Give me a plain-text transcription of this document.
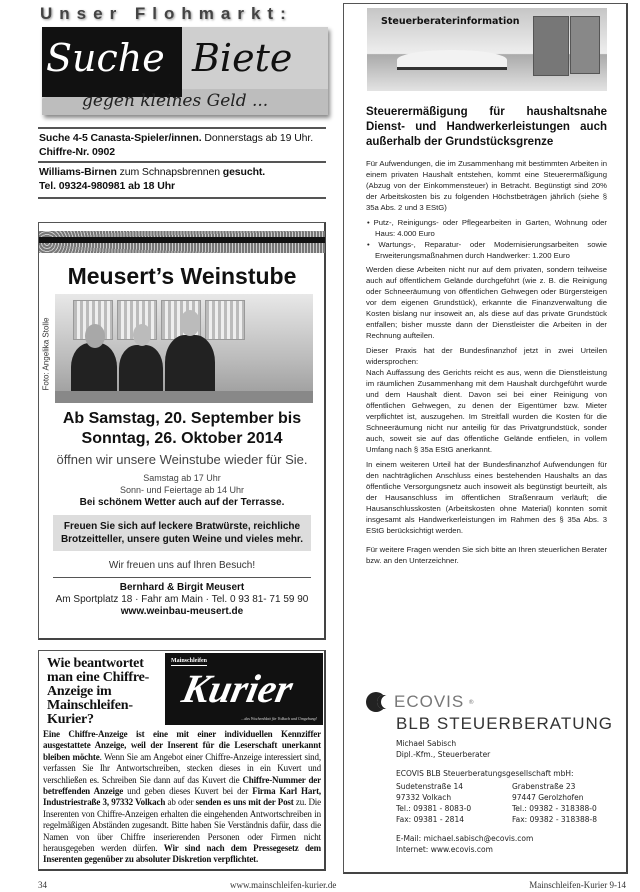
Unser Flohmarkt:
Suche Biete
gegen kleines Geld ...
Suche 4-5 Canasta-Spieler/innen. Donnerstags ab 19 Uhr.
Chiffre-Nr. 0902
Williams-Birnen zum Schnapsbrennen gesucht.
Tel. 09324-980981 ab 18 Uhr
Meusert’s Weinstube
Foto: Angelika Stolle
Ab Samstag, 20. September bis
Sonntag, 26. Oktober 2014
öffnen wir unsere Weinstube wieder für Sie.
Samstag ab 17 Uhr
Sonn- und Feiertage ab 14 Uhr
Bei schönem Wetter auch auf der Terrasse.
Freuen Sie sich auf leckere Bratwürste, reichliche
Brotzeitteller, unsere guten Weine und vieles mehr.
Wir freuen uns auf Ihren Besuch!
Bernhard & Birgit Meusert
Am Sportplatz 18 · Fahr am Main · Tel. 0 93 81- 71 59 90
www.weinbau-meusert.de
Wie beantwortet man eine Chiffre-Anzeige im Mainschleifen-Kurier?
Mainschleifen
Kurier
...das Wochenblatt für Volkach und Umgebung!
Eine Chiffre-Anzeige ist eine mit einer individuellen Kennziffer ausgestattete Anzeige, weil der Inserent für die Leserschaft unerkannt bleiben möchte. Wenn Sie am Angebot einer Chiffre-Anzeige interessiert sind, verfassen Sie Ihr Antwortschreiben, stecken dieses in ein Kuvert und verschließen es. Schreiben Sie dann auf das Kuvert die Chiffre-Nummer der betreffenden Anzeige und geben dieses Kuvert bei der Firma Karl Hart, Industriestraße 3, 97332 Volkach ab oder senden es uns mit der Post zu. Die Inserenten von Chiffre-Anzeigen erhalten die eingehenden Antwortschreiben in regelmäßigen Abständen zugesandt. Bitte haben Sie Verständnis dafür, dass die Namen von über Chiffre inserierenden Personen oder Firmen nicht herausgegeben werden dürfen. Wir sind nach dem Pressegesetz dem Inserenten gegenüber zu absoluter Diskretion verpflichtet.
Steuerberaterinformation
Steuerermäßigung für haushaltsnahe Dienst- und Handwerkerleistungen auch außerhalb der Grundstücksgrenze

Für Aufwendungen, die im Zusammenhang mit bestimmten Arbeiten in einem privaten Haushalt entstehen, kommt eine Steuerermäßigung (Abzug von der Einkommensteuer) in Betracht. Begünstigt sind 20% der Arbeitskosten bis zu folgenden Höchstbeträgen jährlich (siehe § 35a Abs. 2 und 3 EStG)

• Putz-, Reinigungs- oder Pflegearbeiten in Garten, Wohnung oder Haus: 4.000 Euro
• Wartungs-, Reparatur- oder Modernisierungsarbeiten sowie Erweiterungsmaßnahmen durch Handwerker: 1.200 Euro

Werden diese Arbeiten nicht nur auf dem privaten, sondern teilweise auch auf öffentlichem Gelände durchgeführt (wie z. B. die Reinigung oder Schneeräumung von öffentlichen Gehwegen oder Bürgersteigen vor dem eigenen Grundstück), erkannte die Finanzverwaltung die Kosten bislang nur insoweit an, als diese auf das private Grundstück entfallen; bisher musste dann der Dienstleister die Arbeiten in der Rechnung aufteilen.

Dieser Praxis hat der Bundesfinanzhof jetzt in zwei Urteilen widersprochen:

Nach Auffassung des Gerichts reicht es aus, wenn die Dienstleistung im räumlichen Zusammenhang mit dem Haushalt durchgeführt wurde und dem Haushalt dient. Davon sei bei einer Reinigung von öffentlichen Gehwegen, zu denen der Eigentümer bzw. Mieter verpflichtet ist, auszugehen. Im Streitfall wurden die Kosten für die Schneeräumung nicht nur anteilig für das Privatgrundstück, sonder auch, soweit sie auf das öffentliche Gelände entfielen, in vollem Umfang nach § 35a EStG anerkannt.

In einem weiteren Urteil hat der Bundesfinanzhof Aufwendungen für den nachträglichen Anschluss eines bestehenden Haushalts an das öffentliche Versorgungsnetz auch insoweit als begünstigt beurteilt, als der Hausanschluss im öffentlichen Straßenraum verläuft; die Hausanschlusskosten (Arbeitskosten ohne Material) konnten somit insgesamt als Handwerkerleistungen im Rahmen des § 35a Abs. 3 EStG berücksichtigt werden.

Für weitere Fragen wenden Sie sich bitte an Ihren steuerlichen Berater bzw. an den Unterzeichner.

ECOVIS ®
BLB STEUERBERATUNG
Michael Sabisch
Dipl.-Kfm., Steuerberater
ECOVIS BLB Steuerberatungsgesellschaft mbH:
Sudetenstraße 14
97332 Volkach
Tel.: 09381 - 8083-0
Fax: 09381 - 2814
Grabenstraße 23
97447 Gerolzhofen
Tel.: 09382 - 318388-0
Fax: 09382 - 318388-8
E-Mail: michael.sabisch@ecovis.com
Internet: www.ecovis.com
34	www.mainschleifen-kurier.de	Mainschleifen-Kurier 9-14
